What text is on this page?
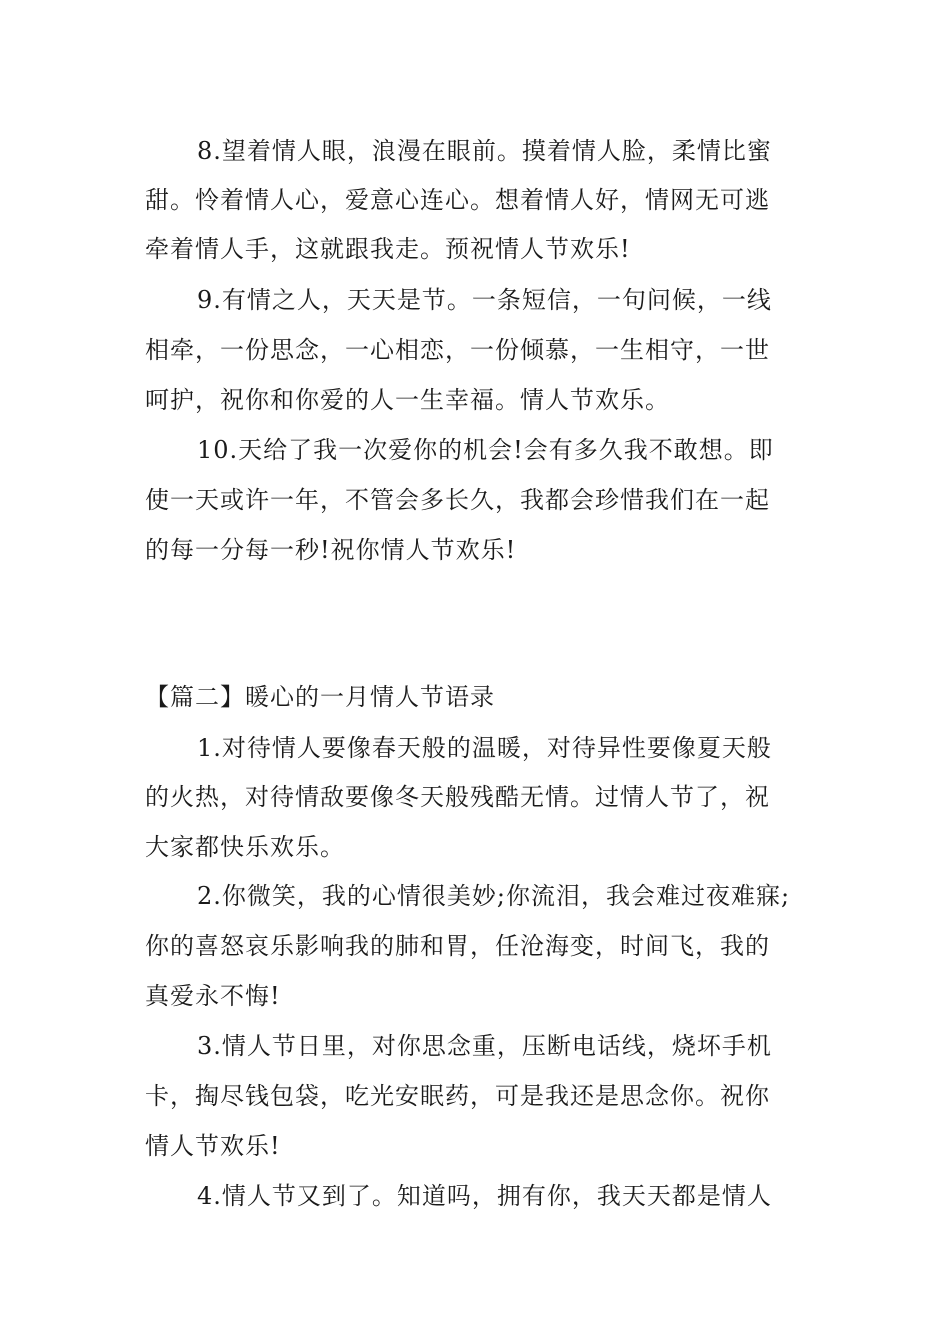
8.望着情人眼，浪漫在眼前。摸着情人脸，柔情比蜜
甜。怜着情人心，爱意心连心。想着情人好，情网无可逃
牵着情人手，这就跟我走。预祝情人节欢乐!
9.有情之人，天天是节。一条短信，一句问候，一线
相牵，一份思念，一心相恋，一份倾慕，一生相守，一世
呵护，祝你和你爱的人一生幸福。情人节欢乐。
10.天给了我一次爱你的机会!会有多久我不敢想。即
使一天或许一年，不管会多长久，我都会珍惜我们在一起
的每一分每一秒!祝你情人节欢乐!
【篇二】暖心的一月情人节语录
1.对待情人要像春天般的温暖，对待异性要像夏天般
的火热，对待情敌要像冬天般残酷无情。过情人节了，祝
大家都快乐欢乐。
2.你微笑，我的心情很美妙;你流泪，我会难过夜难寐;
你的喜怒哀乐影响我的肺和胃，任沧海变，时间飞，我的
真爱永不悔!
3.情人节日里，对你思念重，压断电话线，烧坏手机
卡，掏尽钱包袋，吃光安眠药，可是我还是思念你。祝你
情人节欢乐!
4.情人节又到了。知道吗，拥有你，我天天都是情人
